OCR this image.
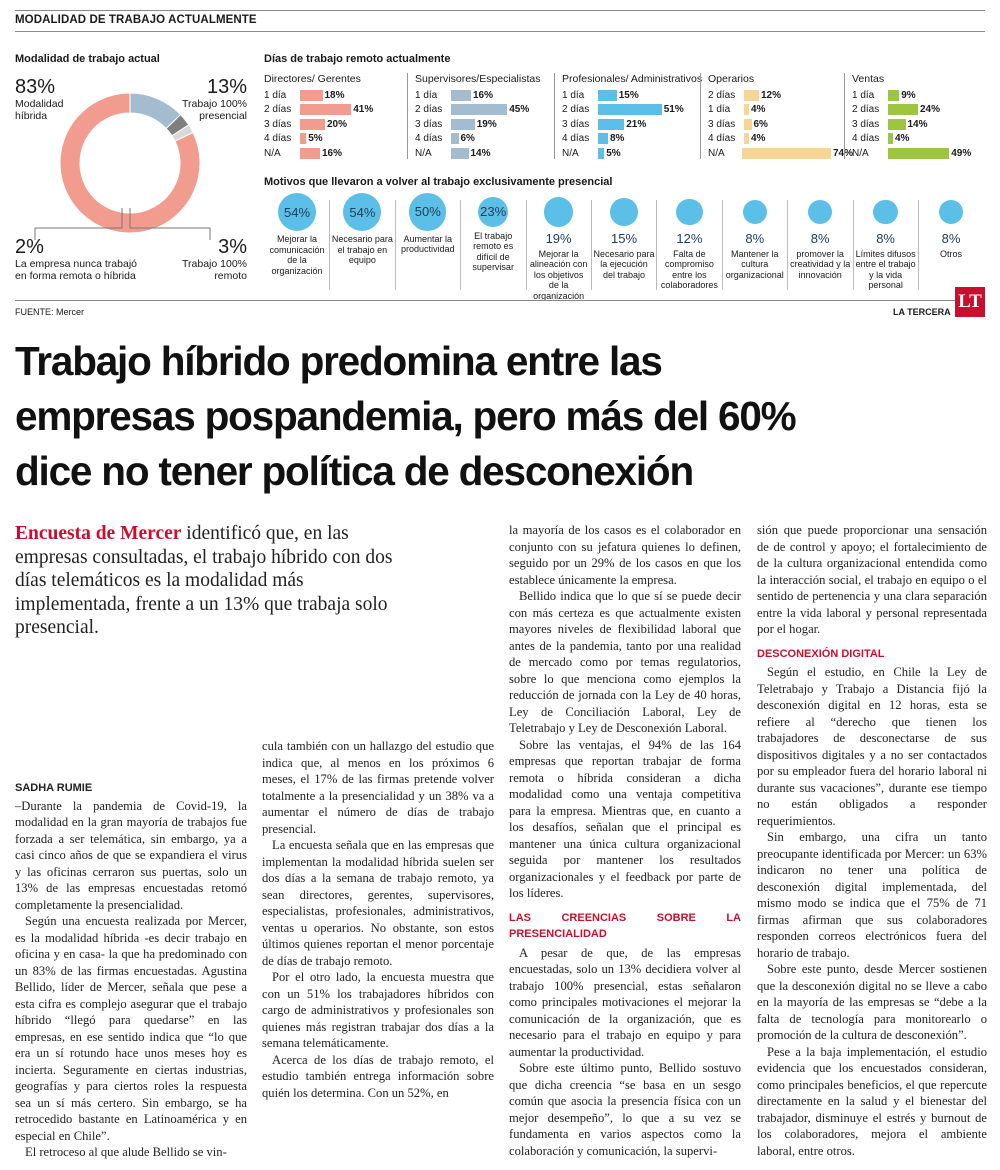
MODALIDAD DE TRABAJO ACTUALMENTE
Modalidad de trabajo actual
83%
Modalidad
híbrida
13%
Trabajo 100%
presencial
3%
Trabajo 100%
remoto
2%
La empresa nunca trabajó
en forma remota o híbrida
Días de trabajo remoto actualmente
Directores/ Gerentes
1 día	18%
2 días	41%
3 días	20%
4 días	5%
N/A	16%
Supervisores/Especialistas
1 día	16%
2 días	45%
3 días	19%
4 días	6%
N/A	14%
Profesionales/ Administrativos
1 día	15%
2 días	51%
3 días	21%
4 días	8%
N/A	5%
Operarios
2 días	12%
1 día	4%
3 días	6%
4 días	4%
N/A	74%
Ventas
1 día	9%
2 días	24%
3 días	14%
4 días	4%
N/A	49%
Motivos que llevaron a volver al trabajo exclusivamente presencial
54%
Mejorar la comunicación de la organización
54%
Necesario para el trabajo en equipo
50%
Aumentar la productividad
23%
El trabajo remoto es difícil de supervisar
19%
Mejorar la alineación con los objetivos de la organización
15%
Necesario para la ejecución del trabajo
12%
Falta de compromiso entre los colaboradores
8%
Mantener la cultura organizacional
8%
promover la creatividad y la innovación
8%
Límites difusos entre el trabajo y la vida personal
8%
Otros
FUENTE: Mercer	LA TERCERA LT
Trabajo híbrido predomina entre las
empresas pospandemia, pero más del 60%
dice no tener política de desconexión
Encuesta de Mercer identificó que, en las empresas consultadas, el trabajo híbrido con dos días telemáticos es la modalidad más implementada, frente a un 13% que trabaja solo presencial.
SADHA RUMIE

–Durante la pandemia de Covid-19, la modalidad en la gran mayoría de trabajos fue forzada a ser telemática, sin embargo, ya a casi cinco años de que se expandiera el virus y las oficinas cerraron sus puertas, solo un 13% de las empresas encuestadas retomó completamente la presencialidad.

Según una encuesta realizada por Mercer, es la modalidad híbrida -es decir trabajo en oficina y en casa- la que ha predominado con un 83% de las firmas encuestadas. Agustina Bellido, líder de Mercer, señala que pese a esta cifra es complejo asegurar que el trabajo híbrido “llegó para quedarse” en las empresas, en ese sentido indica que “lo que era un sí rotundo hace unos meses hoy es incierta. Seguramente en ciertas industrias, geografías y para ciertos roles la respuesta sea un sí más certero. Sin embargo, se ha retrocedido bastante en Latinoamérica y en especial en Chile”.

El retroceso al que alude Bellido se vin-

cula también con un hallazgo del estudio que indica que, al menos en los próximos 6 meses, el 17% de las firmas pretende volver totalmente a la presencialidad y un 38% va a aumentar el número de días de trabajo presencial.

La encuesta señala que en las empresas que implementan la modalidad híbrida suelen ser dos días a la semana de trabajo remoto, ya sean directores, gerentes, supervisores, especialistas, profesionales, administrativos, ventas u operarios. No obstante, son estos últimos quienes reportan el menor porcentaje de días de trabajo remoto.

Por el otro lado, la encuesta muestra que con un 51% los trabajadores híbridos con cargo de administrativos y profesionales son quienes más registran trabajar dos días a la semana telemáticamente.

Acerca de los días de trabajo remoto, el estudio también entrega información sobre quién los determina. Con un 52%, en

la mayoría de los casos es el colaborador en conjunto con su jefatura quienes lo definen, seguido por un 29% de los casos en que los establece únicamente la empresa.

Bellido indica que lo que sí se puede decir con más certeza es que actualmente existen mayores niveles de flexibilidad laboral que antes de la pandemia, tanto por una realidad de mercado como por temas regulatorios, sobre lo que menciona como ejemplos la reducción de jornada con la Ley de 40 horas, Ley de Conciliación Laboral, Ley de Teletrabajo y Ley de Desconexión Laboral.

Sobre las ventajas, el 94% de las 164 empresas que reportan trabajar de forma remota o híbrida consideran a dicha modalidad como una ventaja competitiva para la empresa. Mientras que, en cuanto a los desafíos, señalan que el principal es mantener una única cultura organizacional seguida por mantener los resultados organizacionales y el feedback por parte de los líderes.

LAS CREENCIAS SOBRE LA PRESENCIALIDAD

A pesar de que, de las empresas encuestadas, solo un 13% decidiera volver al trabajo 100% presencial, estas señalaron como principales motivaciones el mejorar la comunicación de la organización, que es necesario para el trabajo en equipo y para aumentar la productividad.

Sobre este último punto, Bellido sostuvo que dicha creencia “se basa en un sesgo común que asocia la presencia física con un mejor desempeño”, lo que a su vez se fundamenta en varios aspectos como la colaboración y comunicación, la supervi-

sión que puede proporcionar una sensación de de control y apoyo; el fortalecimiento de de la cultura organizacional entendida como la interacción social, el trabajo en equipo o el sentido de pertenencia y una clara separación entre la vida laboral y personal representada por el hogar.

DESCONEXIÓN DIGITAL

Según el estudio, en Chile la Ley de Teletrabajo y Trabajo a Distancia fijó la desconexión digital en 12 horas, esta se refiere al “derecho que tienen los trabajadores de desconectarse de sus dispositivos digitales y a no ser contactados por su empleador fuera del horario laboral ni durante sus vacaciones”, durante ese tiempo no están obligados a responder requerimientos.

Sin embargo, una cifra un tanto preocupante identificada por Mercer: un 63% indicaron no tener una política de desconexión digital implementada, del mismo modo se indica que el 75% de 71 firmas afirman que sus colaboradores responden correos electrónicos fuera del horario de trabajo.

Sobre este punto, desde Mercer sostienen que la desconexión digital no se lleve a cabo en la mayoría de las empresas se “debe a la falta de tecnología para monitorearlo o promoción de la cultura de desconexión”.

Pese a la baja implementación, el estudio evidencia que los encuestados consideran, como principales beneficios, el que repercute directamente en la salud y el bienestar del trabajador, disminuye el estrés y burnout de los colaboradores, mejora el ambiente laboral, entre otros.
